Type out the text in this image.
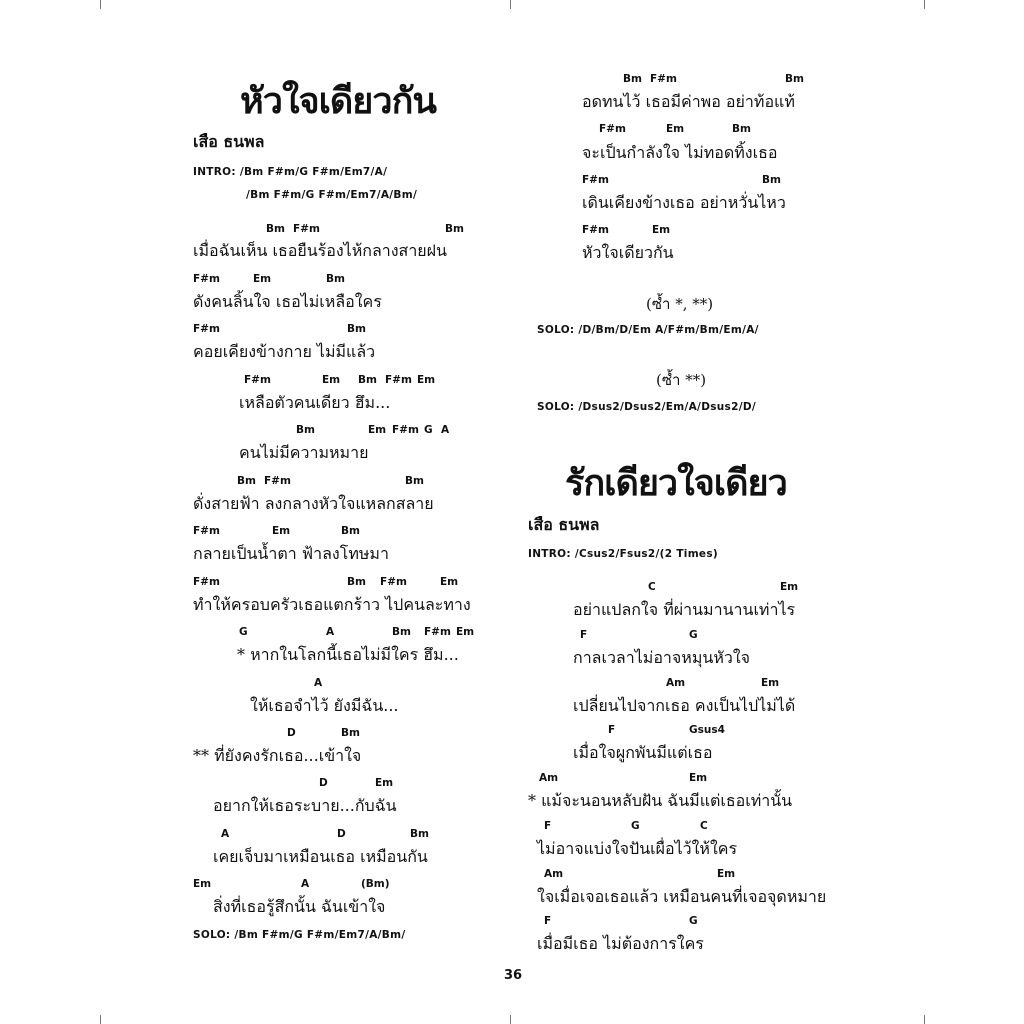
หัวใจเดียวกัน
เสือ ธนพล
INTRO: /Bm F#m/G F#m/Em7/A/
/Bm F#m/G F#m/Em7/A/Bm/
Bm F#m	Bm
เมื่อฉันเห็น เธอยืนร้องไห้กลางสายฝน
F#m	Em	Bm
ดังคนลิ้นใจ เธอไม่เหลือใคร
F#m	Bm
คอยเคียงข้างกาย ไม่มีแล้ว
F#m	Em Bm F#m Em
เหลือตัวคนเดียว ฮึม...
Bm	Em F#m G A
คนไม่มีความหมาย
Bm F#m	Bm
ดั่งสายฟ้า ลงกลางหัวใจแหลกสลาย
F#m	Em	Bm
กลายเป็นน้ำตา ฟ้าลงโทษมา
F#m	Bm F#m	Em
ทำให้ครอบครัวเธอแตกร้าว ไปคนละทาง
G	A	Bm F#m Em
* หากในโลกนี้เธอไม่มีใคร ฮึม...
A
ให้เธอจำไว้ ยังมีฉัน...
D	Bm
** ที่ยังคงรักเธอ...เข้าใจ
D	Em
อยากให้เธอระบาย...กับฉัน
A	D	Bm
เคยเจ็บมาเหมือนเธอ เหมือนกัน
Em	A	(Bm)
สิ่งที่เธอรู้สึกนั้น ฉันเข้าใจ
SOLO: /Bm F#m/G F#m/Em7/A/Bm/
Bm F#m	Bm
อดทนไว้ เธอมีค่าพอ อย่าท้อแท้
F#m	Em	Bm
จะเป็นกำลังใจ ไม่ทอดทิ้งเธอ
F#m	Bm
เดินเคียงข้างเธอ อย่าหวั่นไหว
F#m	Em
หัวใจเดียวกัน
(ซ้ำ *, **)
SOLO: /D/Bm/D/Em A/F#m/Bm/Em/A/
(ซ้ำ **)
SOLO: /Dsus2/Dsus2/Em/A/Dsus2/D/
รักเดียวใจเดียว
เสือ ธนพล
INTRO: /Csus2/Fsus2/(2 Times)
C	Em
อย่าแปลกใจ ที่ผ่านมานานเท่าไร
F	G
กาลเวลาไม่อาจหมุนหัวใจ
Am	Em
เปลี่ยนไปจากเธอ คงเป็นไปไม่ได้
F	Gsus4
เมื่อใจผูกพันมีแต่เธอ
Am	Em
* แม้จะนอนหลับฝัน ฉันมีแต่เธอเท่านั้น
F	G	C
ไม่อาจแบ่งใจปันเผื่อไว้ให้ใคร
Am	Em
ใจเมื่อเจอเธอแล้ว เหมือนคนที่เจอจุดหมาย
F	G
เมื่อมีเธอ ไม่ต้องการใคร
36
